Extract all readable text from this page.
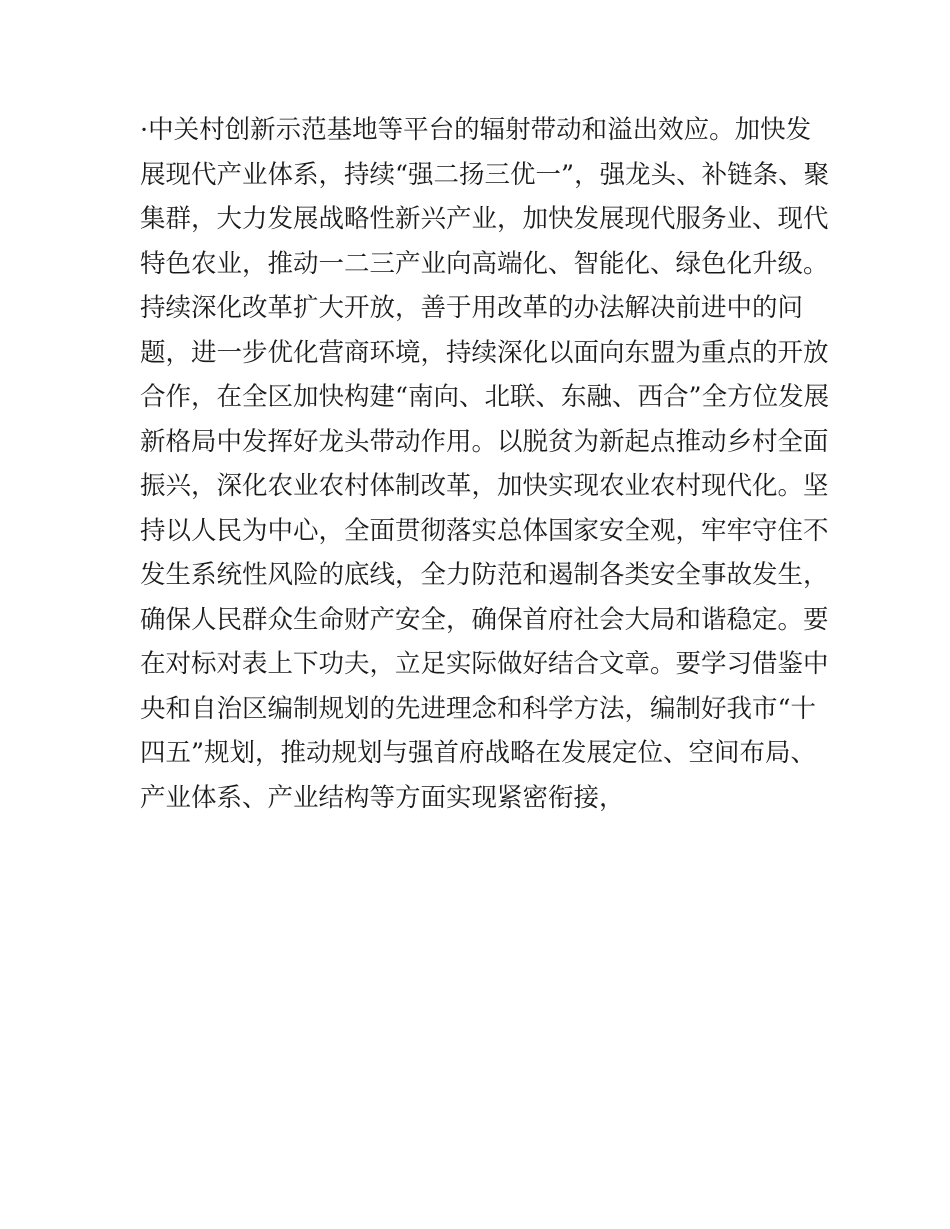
·中关村创新示范基地等平台的辐射带动和溢出效应。加快发
展现代产业体系，持续“强二扬三优一”，强龙头、补链条、聚
集群，大力发展战略性新兴产业，加快发展现代服务业、现代
特色农业，推动一二三产业向高端化、智能化、绿色化升级。
持续深化改革扩大开放，善于用改革的办法解决前进中的问
题，进一步优化营商环境，持续深化以面向东盟为重点的开放
合作，在全区加快构建“南向、北联、东融、西合”全方位发展
新格局中发挥好龙头带动作用。以脱贫为新起点推动乡村全面
振兴，深化农业农村体制改革，加快实现农业农村现代化。坚
持以人民为中心，全面贯彻落实总体国家安全观，牢牢守住不
发生系统性风险的底线，全力防范和遏制各类安全事故发生，
确保人民群众生命财产安全，确保首府社会大局和谐稳定。要
在对标对表上下功夫，立足实际做好结合文章。要学习借鉴中
央和自治区编制规划的先进理念和科学方法，编制好我市“十
四五”规划，推动规划与强首府战略在发展定位、空间布局、
产业体系、产业结构等方面实现紧密衔接，
